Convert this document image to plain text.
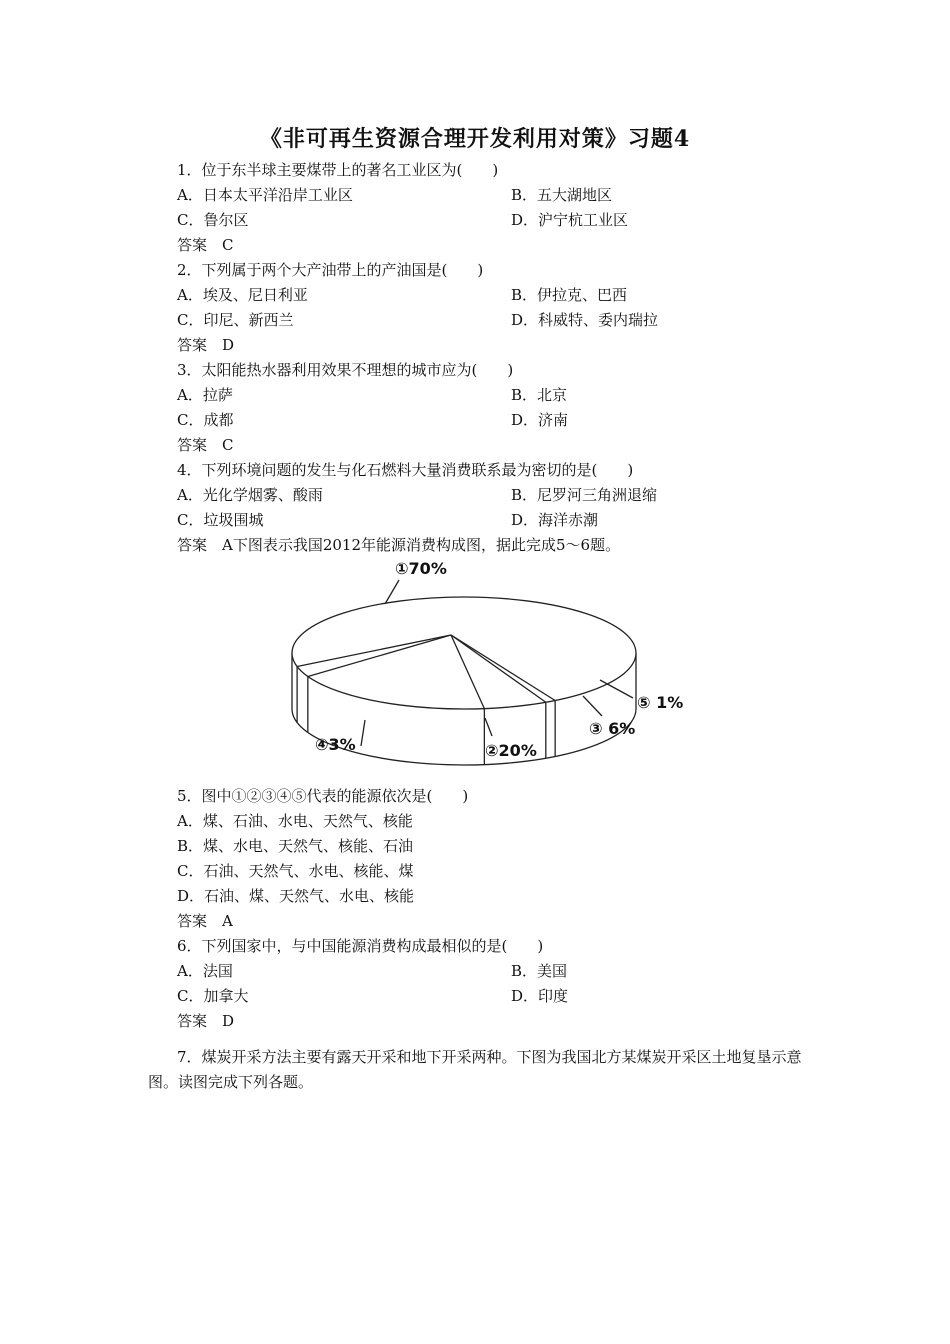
《非可再生资源合理开发利用对策》习题4
1．位于东半球主要煤带上的著名工业区为(　　)
A．日本太平洋沿岸工业区	B．五大湖地区
C．鲁尔区	D．沪宁杭工业区
答案　C
2．下列属于两个大产油带上的产油国是(　　)
A．埃及、尼日利亚	B．伊拉克、巴西
C．印尼、新西兰	D．科威特、委内瑞拉
答案　D
3．太阳能热水器利用效果不理想的城市应为(　　)
A．拉萨	B．北京
C．成都	D．济南
答案　C
4．下列环境问题的发生与化石燃料大量消费联系最为密切的是(　　)
A．光化学烟雾、酸雨	B．尼罗河三角洲退缩
C．垃圾围城	D．海洋赤潮
答案　A下图表示我国2012年能源消费构成图，据此完成5～6题。
①70%
②20%
③ 6%
④3%
⑤ 1%
5．图中①②③④⑤代表的能源依次是(　　)
A．煤、石油、水电、天然气、核能
B．煤、水电、天然气、核能、石油
C．石油、天然气、水电、核能、煤
D．石油、煤、天然气、水电、核能
答案　A
6．下列国家中，与中国能源消费构成最相似的是(　　)
A．法国	B．美国
C．加拿大	D．印度
答案　D
7．煤炭开采方法主要有露天开采和地下开采两种。下图为我国北方某煤炭开采区土地复垦示意图。读图完成下列各题。
